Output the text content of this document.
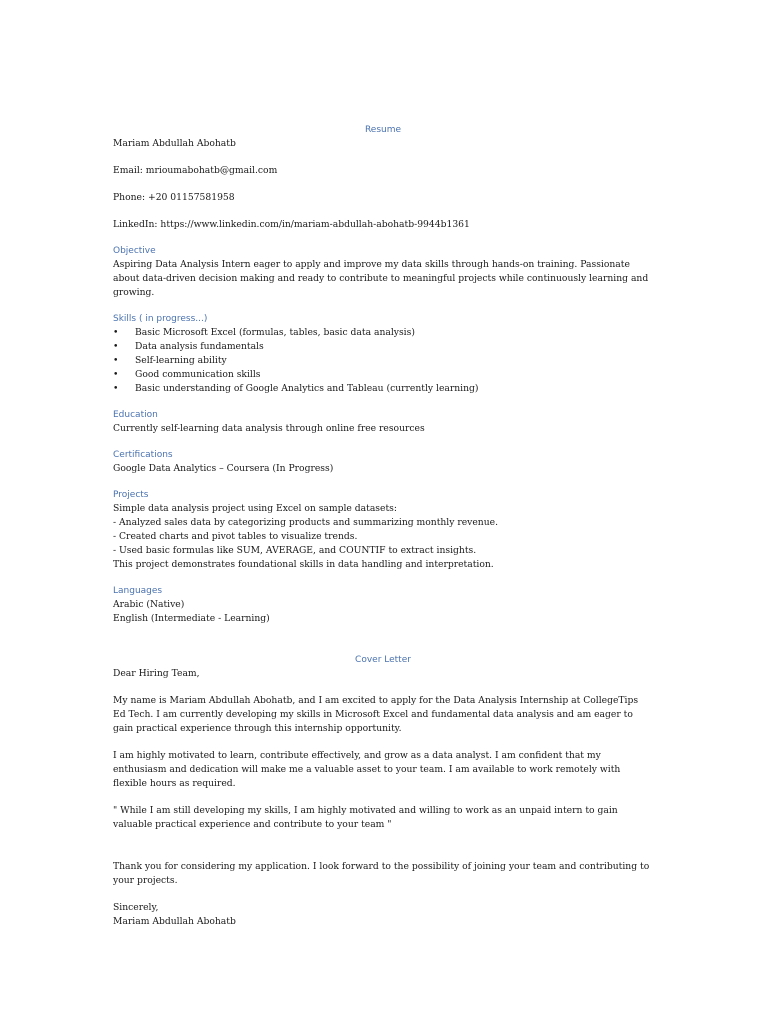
Resume

Mariam Abdullah Abohatb

Email: mrioumabohatb@gmail.com

Phone: +20 01157581958

LinkedIn: https://www.linkedin.com/in/mariam-abdullah-abohatb-9944b1361

Objective

Aspiring Data Analysis Intern eager to apply and improve my data skills through hands-on training. Passionate about data-driven decision making and ready to contribute to meaningful projects while continuously learning and growing.

Skills ( in progress...)

•	Basic Microsoft Excel (formulas, tables, basic data analysis)
•	Data analysis fundamentals
•	Self-learning ability
•	Good communication skills
•	Basic understanding of Google Analytics and Tableau (currently learning)

Education

Currently self-learning data analysis through online free resources

Certifications

Google Data Analytics – Coursera (In Progress)

Projects

Simple data analysis project using Excel on sample datasets:

- Analyzed sales data by categorizing products and summarizing monthly revenue.

- Created charts and pivot tables to visualize trends.

- Used basic formulas like SUM, AVERAGE, and COUNTIF to extract insights.

This project demonstrates foundational skills in data handling and interpretation.

Languages

Arabic (Native)

English (Intermediate - Learning)

Cover Letter

Dear Hiring Team,

My name is Mariam Abdullah Abohatb, and I am excited to apply for the Data Analysis Internship at CollegeTips Ed Tech. I am currently developing my skills in Microsoft Excel and fundamental data analysis and am eager to gain practical experience through this internship opportunity.

I am highly motivated to learn, contribute effectively, and grow as a data analyst. I am confident that my enthusiasm and dedication will make me a valuable asset to your team. I am available to work remotely with flexible hours as required.

" While I am still developing my skills, I am highly motivated and willing to work as an unpaid intern to gain valuable practical experience and contribute to your team "

Thank you for considering my application. I look forward to the possibility of joining your team and contributing to your projects.

Sincerely,

Mariam Abdullah Abohatb
